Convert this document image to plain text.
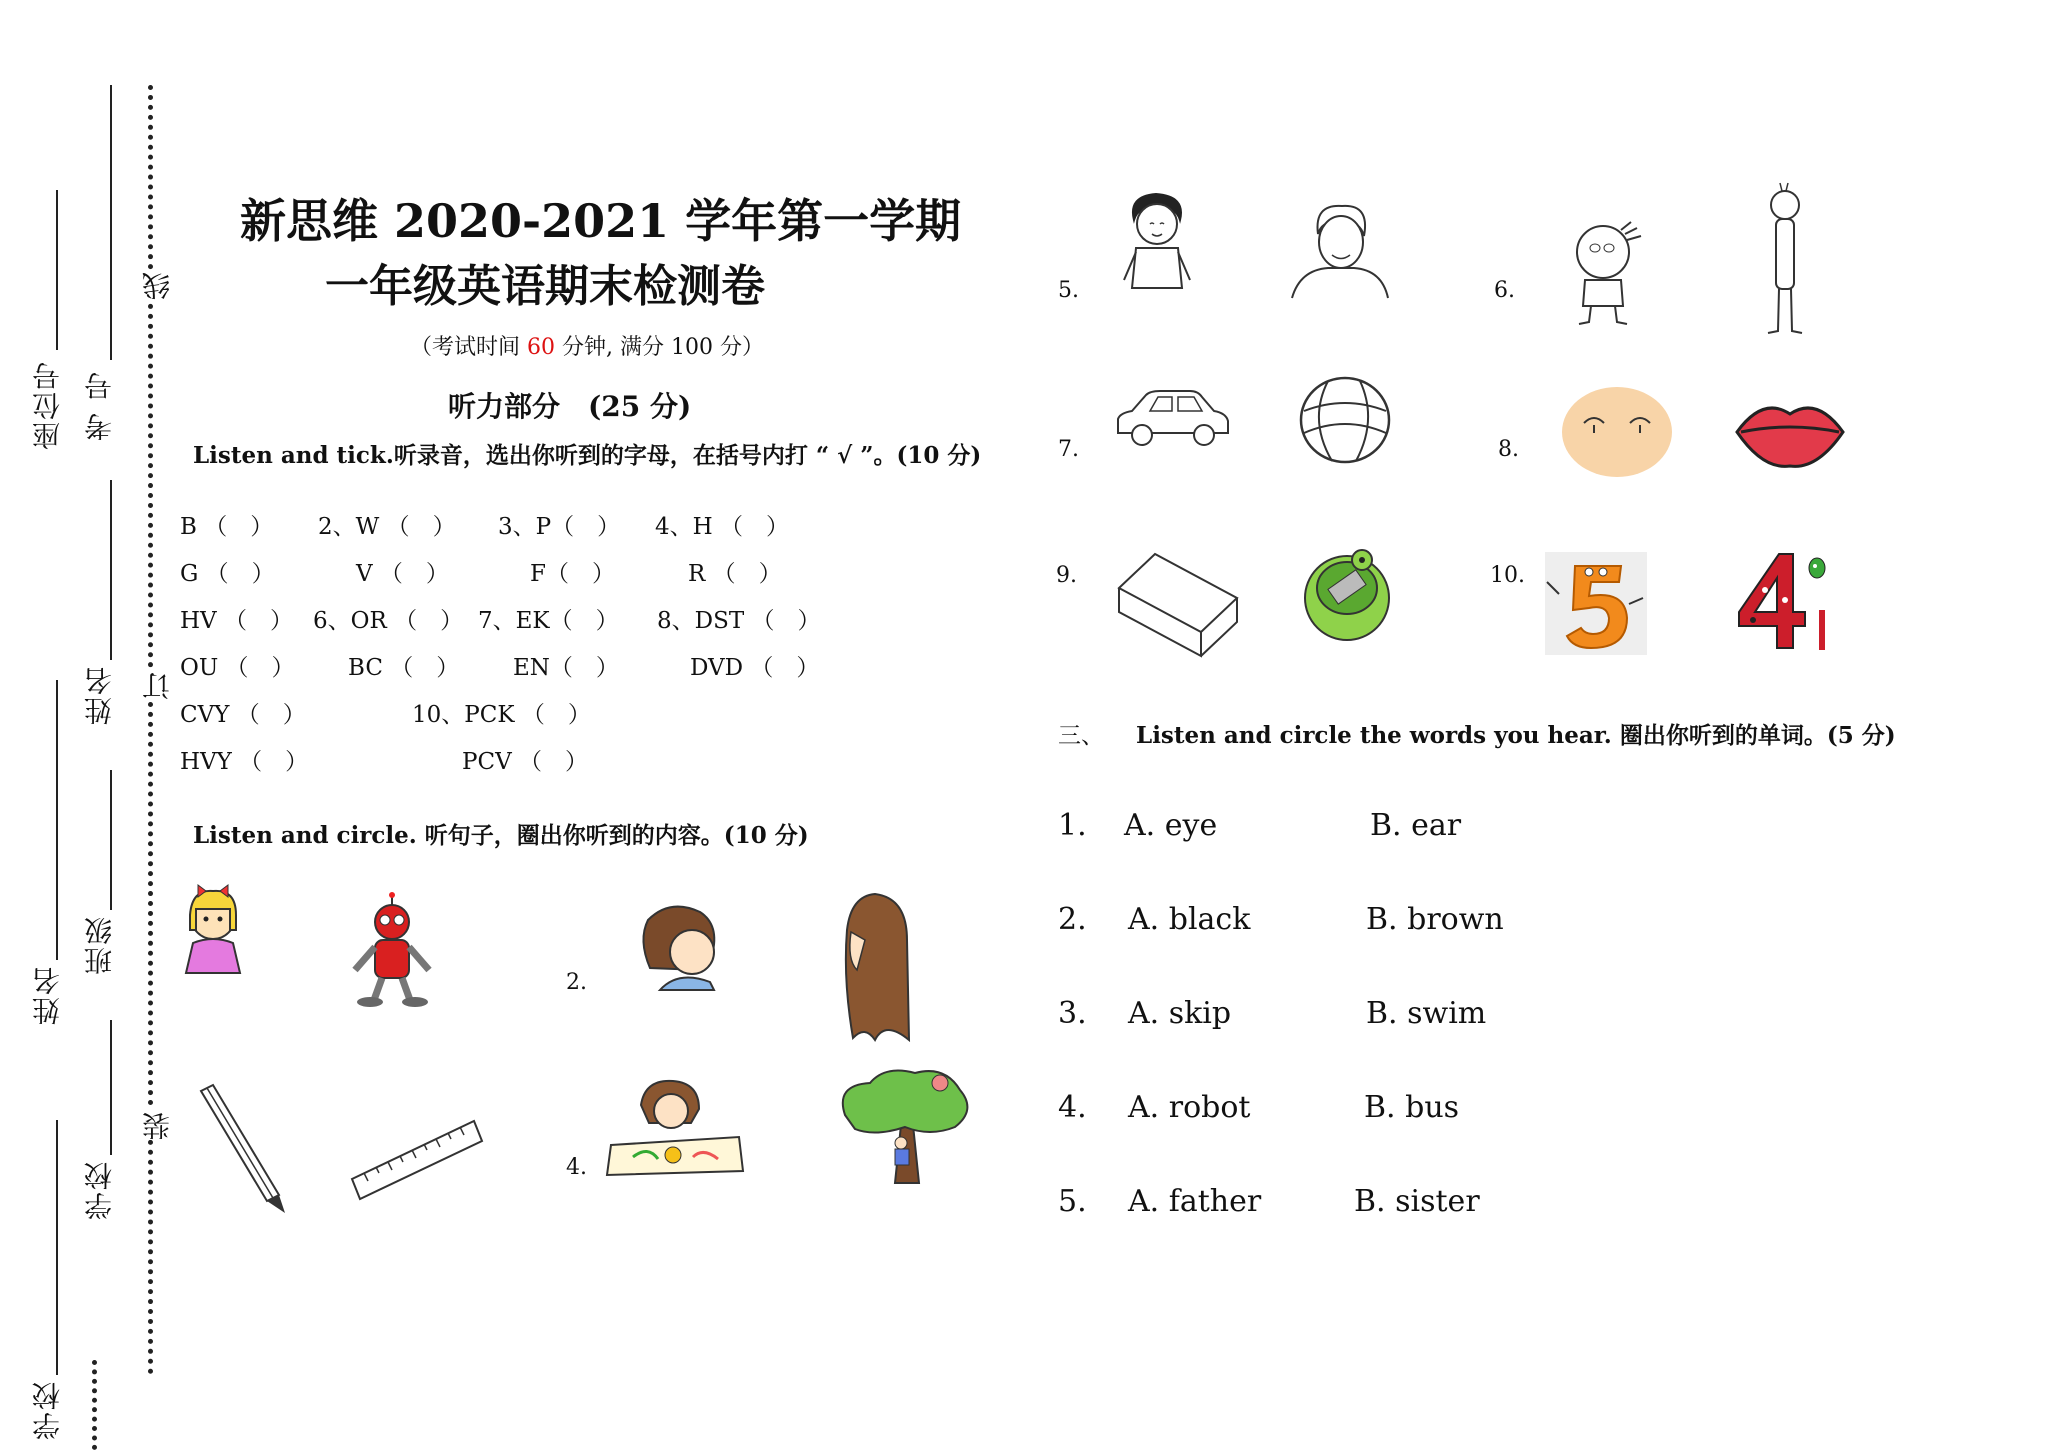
座位号
姓名
学校
考 号
姓名
班级
学校
线
订
装
新思维 2020-2021 学年第一学期
一年级英语期末检测卷
（考试时间 60 分钟, 满分 100 分）
听力部分　(25 分)
Listen and tick.听录音，选出你听到的字母，在括号内打 “ √ ”。(10 分)
B （　） 2、W （　） 3、P（　） 4、H （　）
G （　）	V （　）	F（　）	R （　）
HV （　） 6、OR （　） 7、EK（　） 8、DST （　）
OU （　） BC （　） EN（　）	DVD （　）
CVY （　）	10、PCK （　）
HVY （　）	PCV （　）
Listen and circle. 听句子，圈出你听到的内容。(10 分)
2.
4.
5.	6.
7.	8.
9.	10.
三、 Listen and circle the words you hear. 圈出你听到的单词。(5 分)
1. A. eye	B. ear
2. A. black	B. brown
3. A. skip	B. swim
4. A. robot	B. bus
5. A. father	B. sister
